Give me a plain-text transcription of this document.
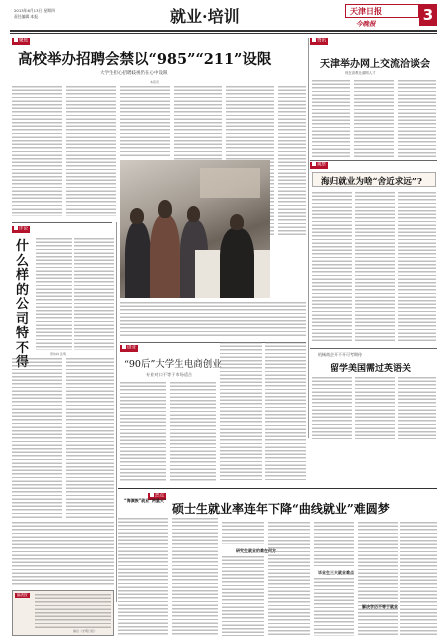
2013年6月13日 星期四
责任编辑 本报	就业·培训	天津日报
今晚报	3
聚焦
高校举办招聘会禁以“985”“211”设限
大学生担心招聘歧视仍在心中设限
本报讯
评论
什么样的公司特不得
曾伟林 张明
编者按
摘自《光明日报》
资讯
天津举办网上交流洽谈会
现在高教北湖网人才
观察
海归就业为啥“舍近求远”?
机械商企开不开可考期待
留学美国需过英语关
创业
“90后”大学生电商创业
专业对口不等于市场适合
热点
硕士生就业率连年下降“曲线就业”难圆梦
“海漂族”就业“两重天”
研究生就业的难在何方
毕业生三大就业难点
解决学历不等于就业
